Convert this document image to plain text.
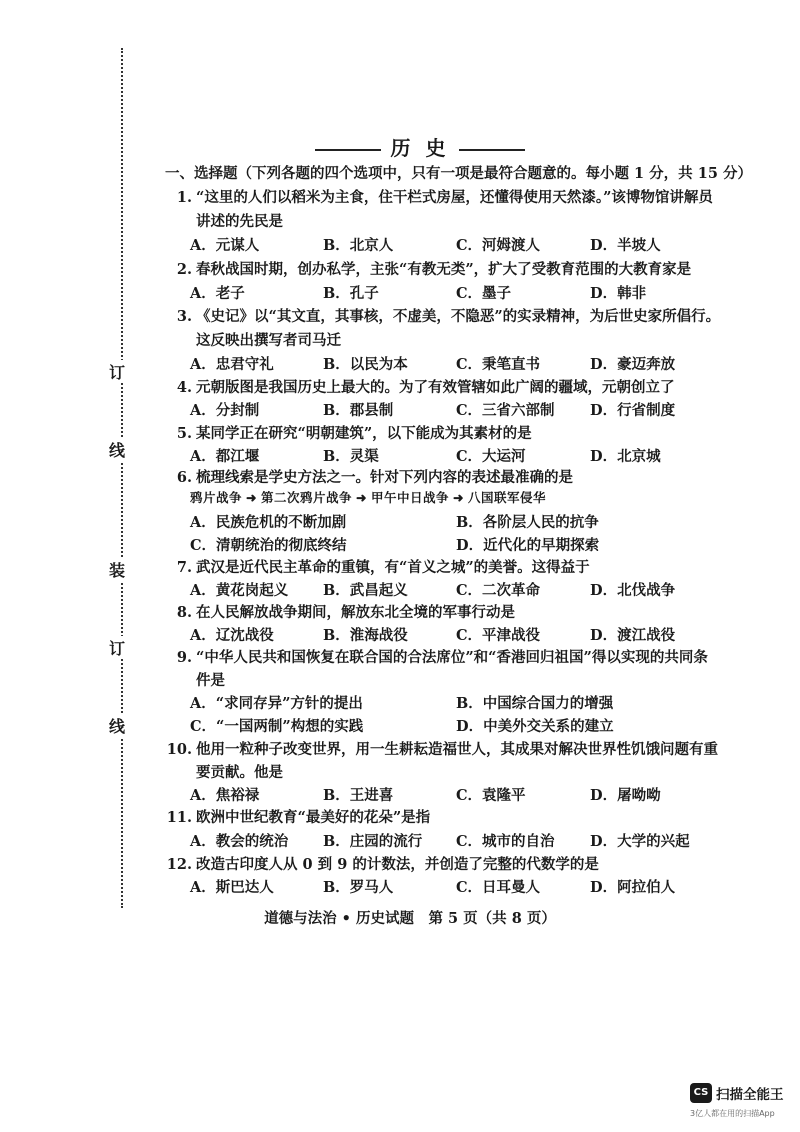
订
线
装
订
线
历 史
一、选择题（下列各题的四个选项中，只有一项是最符合题意的。每小题 1 分，共 15 分）
1. “这里的人们以稻米为主食，住干栏式房屋，还懂得使用天然漆。”该博物馆讲解员
讲述的先民是
A．元谋人	B．北京人	C．河姆渡人	D．半坡人
2. 春秋战国时期，创办私学，主张“有教无类”，扩大了受教育范围的大教育家是
A．老子	B．孔子	C．墨子	D．韩非
3. 《史记》以“其文直，其事核，不虚美，不隐恶”的实录精神，为后世史家所倡行。
这反映出撰写者司马迁
A．忠君守礼	B．以民为本	C．秉笔直书	D．豪迈奔放
4. 元朝版图是我国历史上最大的。为了有效管辖如此广阔的疆域，元朝创立了
A．分封制	B．郡县制	C．三省六部制 D．行省制度
5. 某同学正在研究“明朝建筑”，以下能成为其素材的是
A．都江堰	B．灵渠	C．大运河	D．北京城
6. 梳理线索是学史方法之一。针对下列内容的表述最准确的是
鸦片战争 ➜ 第二次鸦片战争 ➜ 甲午中日战争 ➜ 八国联军侵华
A．民族危机的不断加剧	B．各阶层人民的抗争
C．清朝统治的彻底终结	D．近代化的早期探索
7. 武汉是近代民主革命的重镇，有“首义之城”的美誉。这得益于
A．黄花岗起义 B．武昌起义	C．二次革命	D．北伐战争
8. 在人民解放战争期间，解放东北全境的军事行动是
A．辽沈战役	B．淮海战役	C．平津战役	D．渡江战役
9. “中华人民共和国恢复在联合国的合法席位”和“香港回归祖国”得以实现的共同条
件是
A．“求同存异”方针的提出	B．中国综合国力的增强
C．“一国两制”构想的实践	D．中美外交关系的建立
10. 他用一粒种子改变世界，用一生耕耘造福世人，其成果对解决世界性饥饿问题有重
要贡献。他是
A．焦裕禄	B．王进喜	C．袁隆平	D．屠呦呦
11. 欧洲中世纪教育“最美好的花朵”是指
A．教会的统治 B．庄园的流行 C．城市的自治 D．大学的兴起
12. 改造古印度人从 0 到 9 的计数法，并创造了完整的代数学的是
A．斯巴达人	B．罗马人	C．日耳曼人	D．阿拉伯人
道德与法治 • 历史试题　第 5 页（共 8 页）
CS 扫描全能王
3亿人都在用的扫描App
